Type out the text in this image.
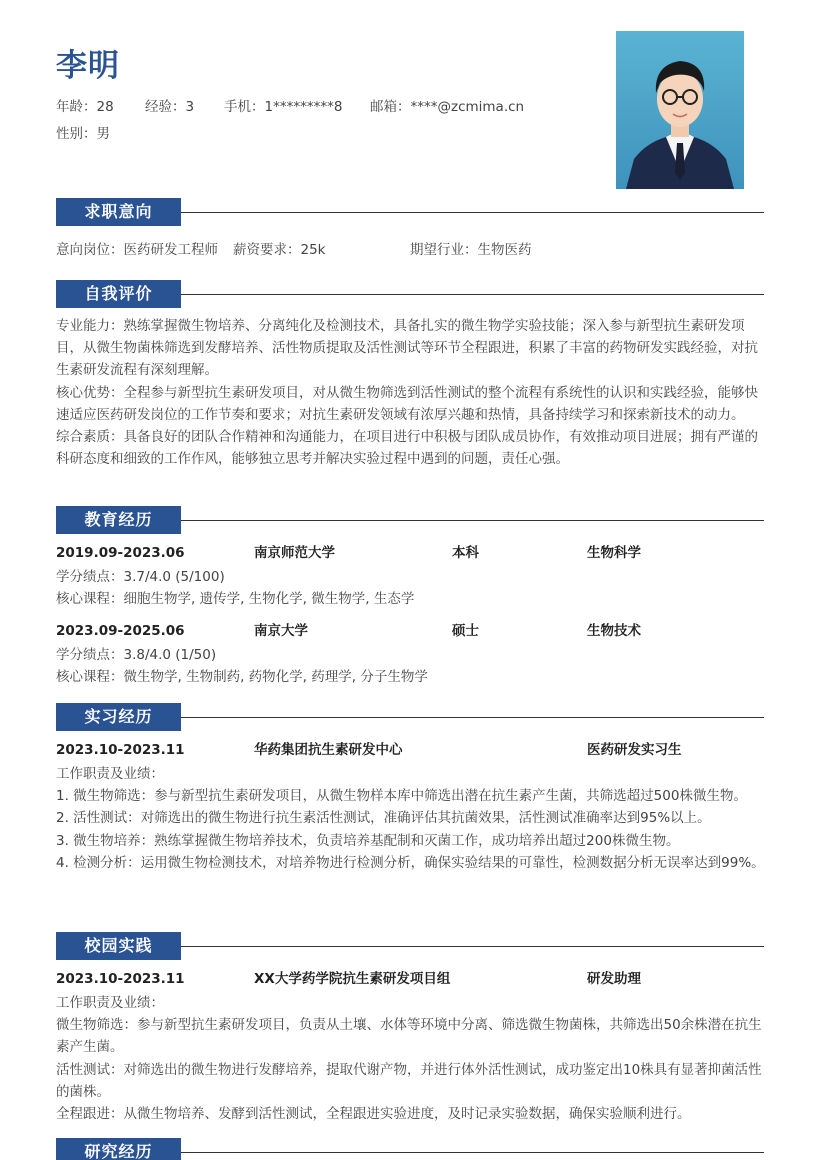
李明
年龄：28 经验：3 手机：1*********8 邮箱：****@zcmima.cn
性别：男
求职意向
意向岗位：医药研发工程师 薪资要求：25k	期望行业：生物医药
自我评价
专业能力：熟练掌握微生物培养、分离纯化及检测技术，具备扎实的微生物学实验技能；深入参与新型抗生素研发项目，从微生物菌株筛选到发酵培养、活性物质提取及活性测试等环节全程跟进，积累了丰富的药物研发实践经验，对抗生素研发流程有深刻理解。
核心优势：全程参与新型抗生素研发项目，对从微生物筛选到活性测试的整个流程有系统性的认识和实践经验，能够快速适应医药研发岗位的工作节奏和要求；对抗生素研发领域有浓厚兴趣和热情，具备持续学习和探索新技术的动力。
综合素质：具备良好的团队合作精神和沟通能力，在项目进行中积极与团队成员协作，有效推动项目进展；拥有严谨的科研态度和细致的工作作风，能够独立思考并解决实验过程中遇到的问题，责任心强。
教育经历
2019.09-2023.06	南京师范大学	本科	生物科学
学分绩点：3.7/4.0 (5/100)
核心课程：细胞生物学, 遗传学, 生物化学, 微生物学, 生态学
2023.09-2025.06	南京大学	硕士	生物技术
学分绩点：3.8/4.0 (1/50)
核心课程：微生物学, 生物制药, 药物化学, 药理学, 分子生物学
实习经历
2023.10-2023.11	华药集团抗生素研发中心	医药研发实习生
工作职责及业绩：
1. 微生物筛选：参与新型抗生素研发项目，从微生物样本库中筛选出潜在抗生素产生菌，共筛选超过500株微生物。
2. 活性测试：对筛选出的微生物进行抗生素活性测试，准确评估其抗菌效果，活性测试准确率达到95%以上。
3. 微生物培养：熟练掌握微生物培养技术，负责培养基配制和灭菌工作，成功培养出超过200株微生物。
4. 检测分析：运用微生物检测技术，对培养物进行检测分析，确保实验结果的可靠性，检测数据分析无误率达到99%。
校园实践
2023.10-2023.11	XX大学药学院抗生素研发项目组	研发助理
工作职责及业绩：
微生物筛选：参与新型抗生素研发项目，负责从土壤、水体等环境中分离、筛选微生物菌株，共筛选出50余株潜在抗生素产生菌。
活性测试：对筛选出的微生物进行发酵培养，提取代谢产物，并进行体外活性测试，成功鉴定出10株具有显著抑菌活性的菌株。
全程跟进：从微生物培养、发酵到活性测试，全程跟进实验进度，及时记录实验数据，确保实验顺利进行。
研究经历
